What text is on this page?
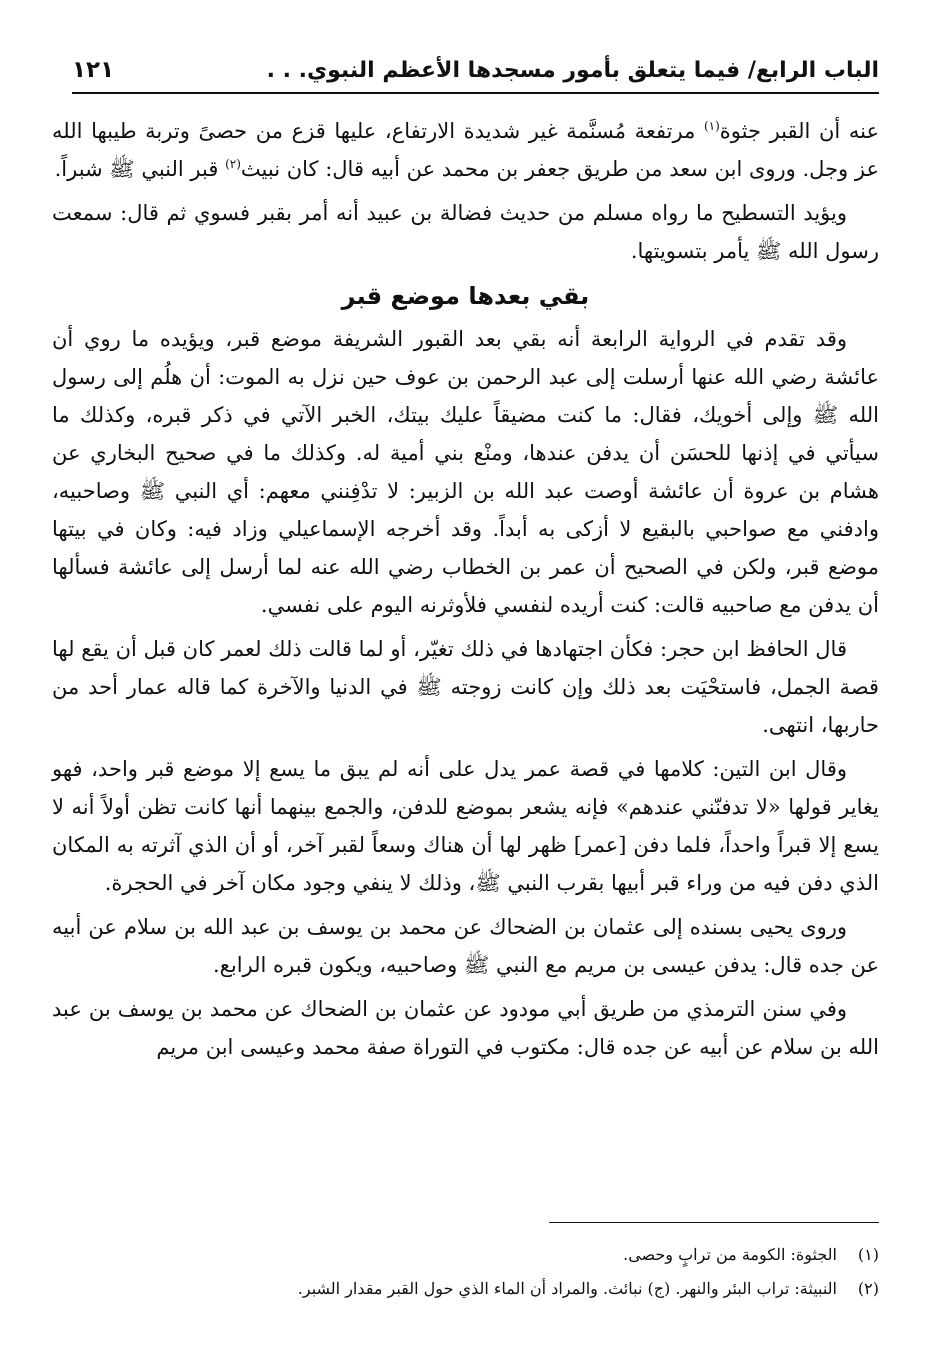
الباب الرابع/ فيما يتعلق بأمور مسجدها الأعظم النبوي. . .
١٢١

عنه أن القبر جثوة$^{(١)}$ مرتفعة مُسنَّمة غير شديدة الارتفاع، عليها قزع من حصىً وتربة طيبها الله عز وجل. وروى ابن سعد من طريق جعفر بن محمد عن أبيه قال: كان نبيث$^{(٢)}$ قبر النبي ﷺ شبراً.

ويؤيد التسطيح ما رواه مسلم من حديث فضالة بن عبيد أنه أمر بقبر فسوي ثم قال: سمعت رسول الله ﷺ يأمر بتسويتها.

بقي بعدها موضع قبر

وقد تقدم في الرواية الرابعة أنه بقي بعد القبور الشريفة موضع قبر، ويؤيده ما روي أن عائشة رضي الله عنها أرسلت إلى عبد الرحمن بن عوف حين نزل به الموت: أن هلُم إلى رسول الله ﷺ وإلى أخويك، فقال: ما كنت مضيقاً عليك بيتك، الخبر الآتي في ذكر قبره، وكذلك ما سيأتي في إذنها للحسَن أن يدفن عندها، ومنْع بني أمية له. وكذلك ما في صحيح البخاري عن هشام بن عروة أن عائشة أوصت عبد الله بن الزبير: لا تدْفِنني معهم: أي النبي ﷺ وصاحبيه، وادفني مع صواحبي بالبقيع لا أزكى به أبداً. وقد أخرجه الإسماعيلي وزاد فيه: وكان في بيتها موضع قبر، ولكن في الصحيح أن عمر بن الخطاب رضي الله عنه لما أرسل إلى عائشة فسألها أن يدفن مع صاحبيه قالت: كنت أريده لنفسي فلأوثرنه اليوم على نفسي.

قال الحافظ ابن حجر: فكأن اجتهادها في ذلك تغيّر، أو لما قالت ذلك لعمر كان قبل أن يقع لها قصة الجمل، فاستحْيَت بعد ذلك وإن كانت زوجته ﷺ في الدنيا والآخرة كما قاله عمار أحد من حاربها، انتهى.

وقال ابن التين: كلامها في قصة عمر يدل على أنه لم يبق ما يسع إلا موضع قبر واحد، فهو يغاير قولها «لا تدفنّني عندهم» فإنه يشعر بموضع للدفن، والجمع بينهما أنها كانت تظن أولاً أنه لا يسع إلا قبراً واحداً، فلما دفن [عمر] ظهر لها أن هناك وسعاً لقبر آخر، أو أن الذي آثرته به المكان الذي دفن فيه من وراء قبر أبيها بقرب النبي ﷺ، وذلك لا ينفي وجود مكان آخر في الحجرة.

وروى يحيى بسنده إلى عثمان بن الضحاك عن محمد بن يوسف بن عبد الله بن سلام عن أبيه عن جده قال: يدفن عيسى بن مريم مع النبي ﷺ وصاحبيه، ويكون قبره الرابع.

وفي سنن الترمذي من طريق أبي مودود عن عثمان بن الضحاك عن محمد بن يوسف بن عبد الله بن سلام عن أبيه عن جده قال: مكتوب في التوراة صفة محمد وعيسى ابن مريم

(١)
الجثوة: الكومة من ترابٍ وحصى.
(٢)
النبيثة: تراب البئر والنهر. (ج) نبائث. والمراد أن الماء الذي حول القبر مقدار الشبر.
